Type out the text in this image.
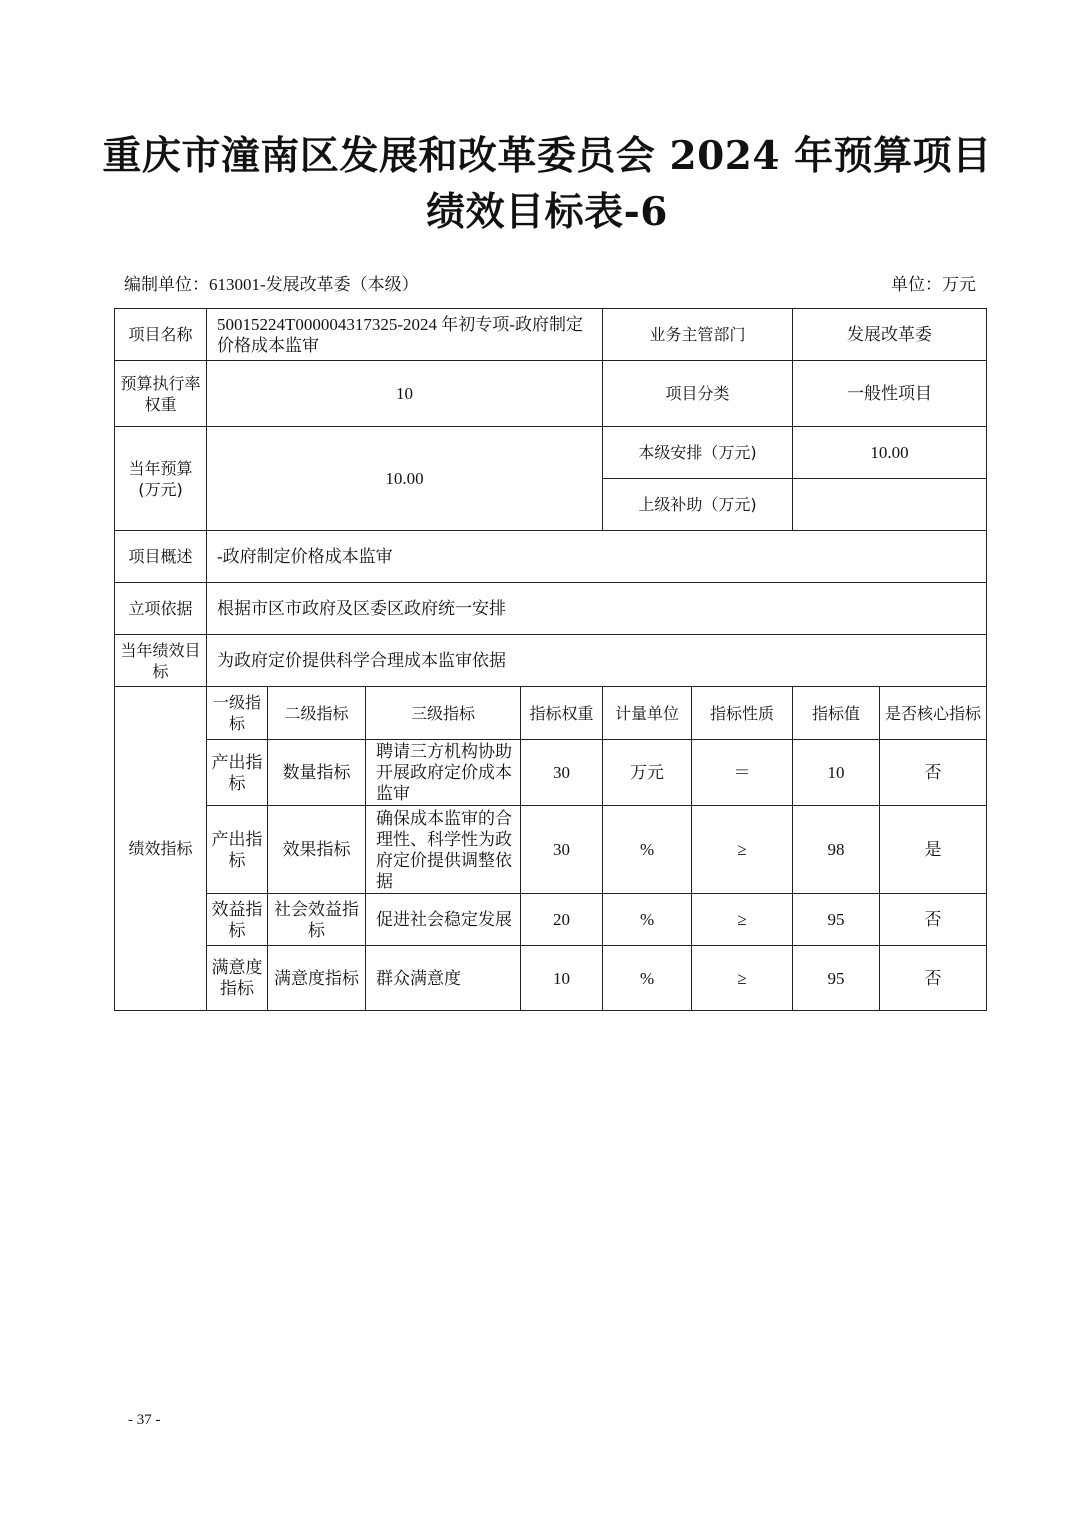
重庆市潼南区发展和改革委员会 2024 年预算项目
绩效目标表-6
编制单位：613001-发展改革委（本级）	单位：万元
项目名称	50015224T000004317325-2024 年初专项-政府制定价格成本监审				业务主管部门		发展改革委	
预算执行率权重	10				项目分类		一般性项目	
当年预算(万元)	10.00				本级安排（万元)		10.00	
					上级补助（万元)			
项目概述	-政府制定价格成本监审							
立项依据	根据市区市政府及区委区政府统一安排							
当年绩效目标	为政府定价提供科学合理成本监审依据							
绩效指标	一级指标	二级指标	三级指标	指标权重	计量单位	指标性质	指标值	是否核心指标
	产出指标	数量指标	聘请三方机构协助开展政府定价成本监审	30	万元	＝	10	否
	产出指标	效果指标	确保成本监审的合理性、科学性为政府定价提供调整依据	30	%	≥	98	是
	效益指标	社会效益指标	促进社会稳定发展	20	%	≥	95	否
	满意度指标	满意度指标	群众满意度	10	%	≥	95	否
- 37 -
